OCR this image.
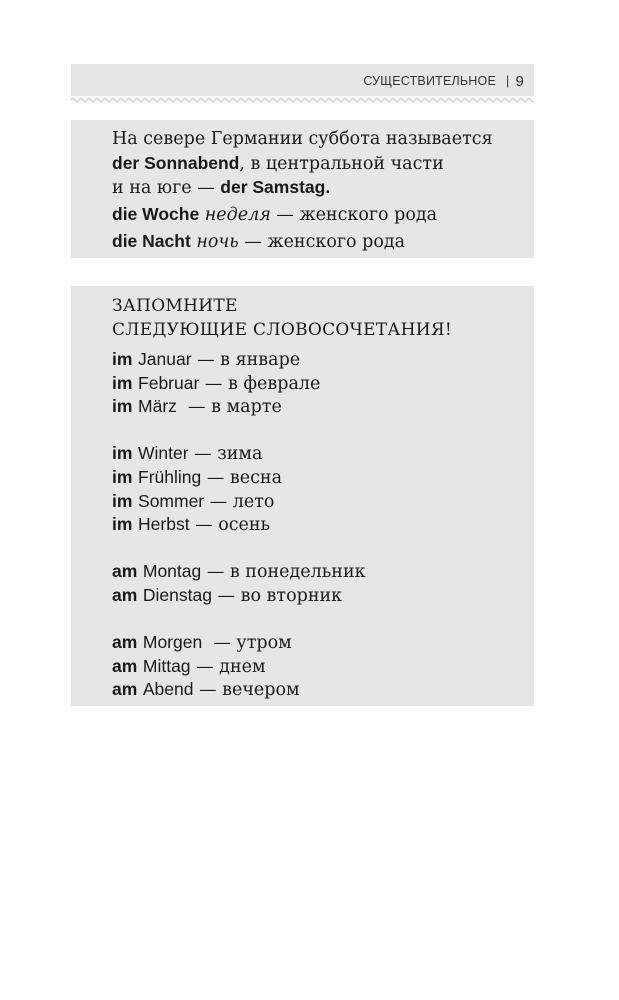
СУЩЕСТВИТЕЛЬНОЕ | 9
На севере Германии суббота называется
der Sonnabend, в центральной части
и на юге — der Samstag.
die Woche неделя — женского рода
die Nacht ночь — женского рода
ЗАПОМНИТЕ
СЛЕДУЮЩИЕ СЛОВОСОЧЕТАНИЯ!
im Januar — в январе
im Februar — в феврале
im März  — в марте
im Winter — зима
im Frühling — весна
im Sommer — лето
im Herbst — осень
am Montag — в понедельник
am Dienstag — во вторник
am Morgen  — утром
am Mittag — днем
am Abend — вечером
